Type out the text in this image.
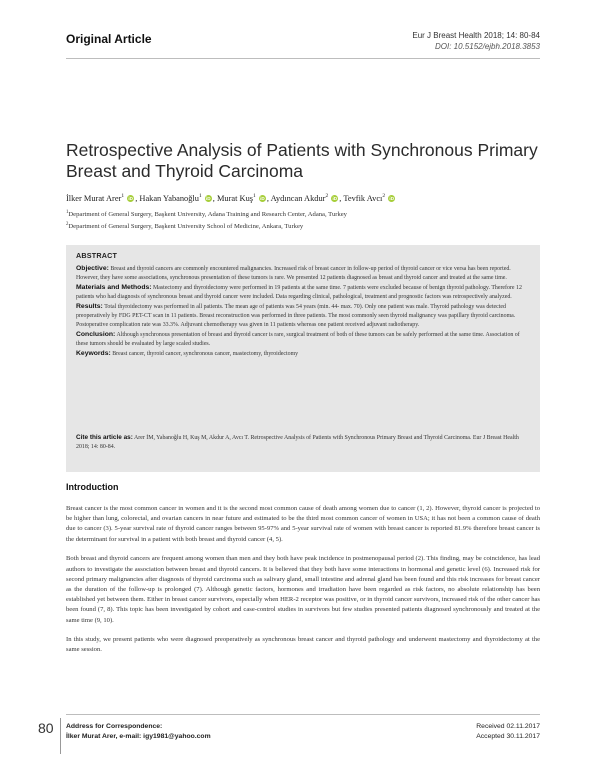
Original Article	Eur J Breast Health 2018; 14: 80-84
DOI: 10.5152/ejbh.2018.3853
Retrospective Analysis of Patients with Synchronous Primary Breast and Thyroid Carcinoma
İlker Murat Arer$^1$ iD , Hakan Yabanoğlu$^1$ iD , Murat Kuş$^1$ iD , Aydıncan Akdur$^2$ iD , Tevfik Avcı$^2$ iD
$^1$Department of General Surgery, Başkent University, Adana Training and Research Center, Adana, Turkey
$^2$Department of General Surgery, Başkent University School of Medicine, Ankara, Turkey
ABSTRACT
Objective: Breast and thyroid cancers are commonly encountered malignancies. Increased risk of breast cancer in follow-up period of thyroid cancer or vice versa has been reported. However, they have some associations, synchronous presentation of these tumors is rare. We presented 12 patients diagnosed as breast and thyroid cancer and treated at the same time.
Materials and Methods: Mastectomy and thyroidectomy were performed in 19 patients at the same time. 7 patients were excluded because of benign thyroid pathology. Therefore 12 patients who had diagnosis of synchronous breast and thyroid cancer were included. Data regarding clinical, pathological, treatment and prognostic factors was retrospectively analyzed.
Results: Total thyroidectomy was performed in all patients. The mean age of patients was 54 years (min. 44- max. 70). Only one patient was male. Thyroid pathology was detected preoperatively by FDG PET-CT scan in 11 patients. Breast reconstruction was performed in three patients. The most commonly seen thyroid malignancy was papillary thyroid carcinoma. Postoperative complication rate was 33.3%. Adjuvant chemotherapy was given in 11 patients whereas one patient received adjuvant radiotherapy.
Conclusion: Although synchronous presentation of breast and thyroid cancer is rare, surgical treatment of both of these tumors can be safely performed at the same time. Association of these tumors should be evaluated by large scaled studies.
Keywords: Breast cancer, thyroid cancer, synchronous cancer, mastectomy, thyroidectomy
Cite this article as: Arer İM, Yabanoğlu H, Kuş M, Akdur A, Avcı T. Retrospective Analysis of Patients with Synchronous Primary Breast and Thyroid Carcinoma. Eur J Breast Health 2018; 14: 80-84.
Introduction

Breast cancer is the most common cancer in women and it is the second most common cause of death among women due to cancer (1, 2). However, thyroid cancer is projected to be higher than lung, colorectal, and ovarian cancers in near future and estimated to be the third most common cancer of women in USA; it has not been a common cause of death due to cancer (3). 5-year survival rate of thyroid cancer ranges between 95-97% and 5-year survival rate of women with breast cancer is reported 81.9% therefore breast cancer is the determinant for survival in a patient with both breast and thyroid cancer (4, 5).

Both breast and thyroid cancers are frequent among women than men and they both have peak incidence in postmenopausal period (2). This finding, may be coincidence, has lead authors to investigate the association between breast and thyroid cancers. It is believed that they both have some interactions in hormonal and genetic level (6). Increased risk for second primary malignancies after diagnosis of thyroid carcinoma such as salivary gland, small intestine and adrenal gland has been found and this risk increases for breast cancer as the duration of the follow-up is prolonged (7). Although genetic factors, hormones and irradiation have been regarded as risk factors, no absolute relationship has been established yet between them. Either in breast cancer survivors, especially when HER-2 receptor was positive, or in thyroid cancer survivors, increased risk of the other cancer has been found (7, 8). This topic has been investigated by cohort and case-control studies in survivors but few studies presented patients diagnosed synchronously and treated at the same time (9, 10).

In this study, we present patients who were diagnosed preoperatively as synchronous breast cancer and thyroid pathology and underwent mastectomy and thyroidectomy at the same session.

80 Address for Correspondence:
İlker Murat Arer, e-mail: igy1981@yahoo.com
Received 02.11.2017
Accepted 30.11.2017
